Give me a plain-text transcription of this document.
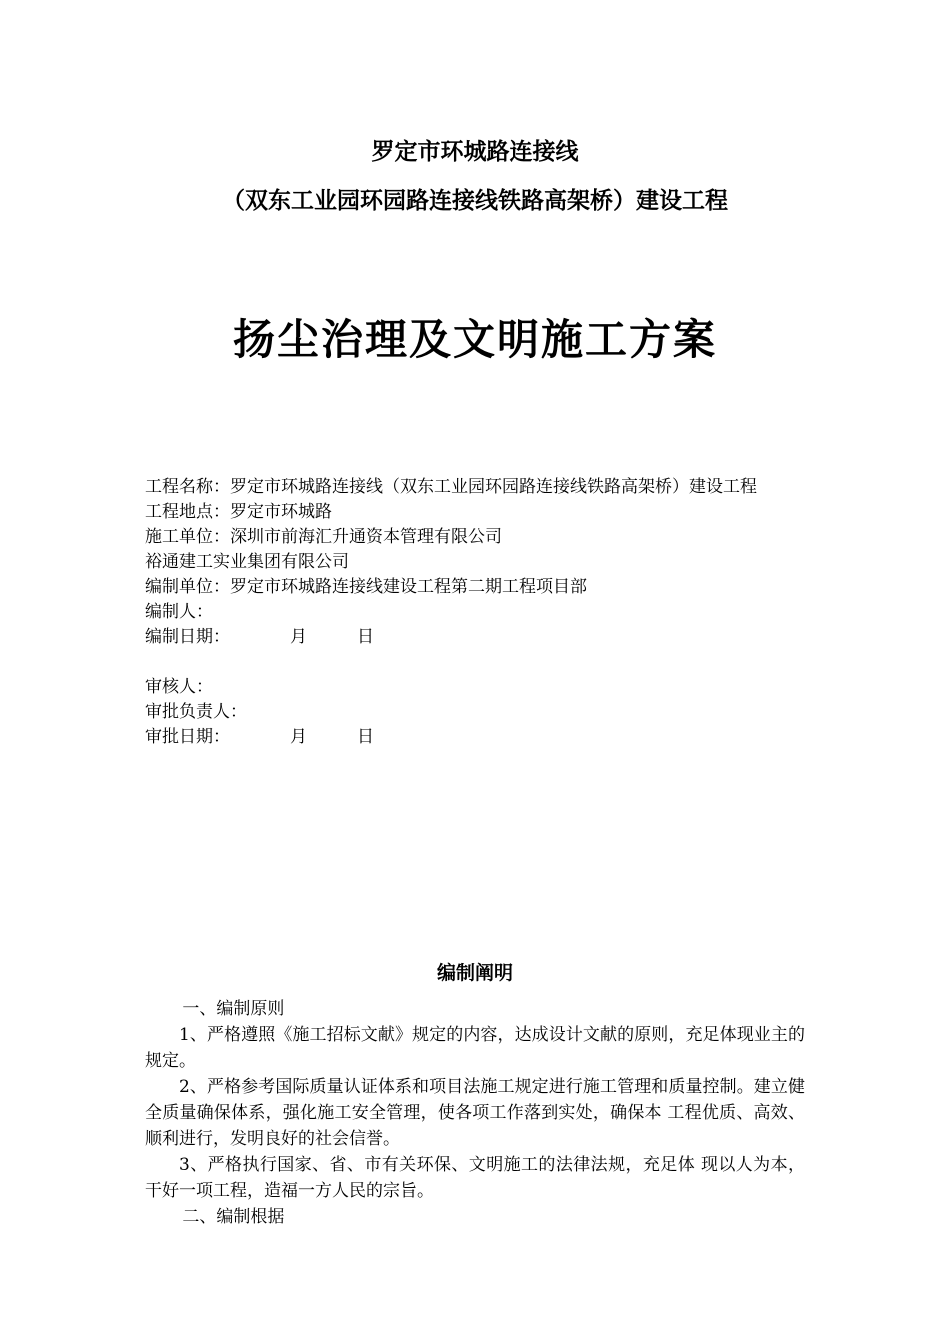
罗定市环城路连接线
（双东工业园环园路连接线铁路高架桥）建设工程
扬尘治理及文明施工方案
工程名称：罗定市环城路连接线（双东工业园环园路连接线铁路高架桥）建设工程
工程地点：罗定市环城路
施工单位：深圳市前海汇升通资本管理有限公司
裕通建工实业集团有限公司
编制单位：罗定市环城路连接线建设工程第二期工程项目部
编制人：
编制日期：	月	日
审核人：
审批负责人：
审批日期：	月	日
编制阐明

一、编制原则

1、严格遵照《施工招标文献》规定的内容，达成设计文献的原则，充足体现业主的规定。

2、严格参考国际质量认证体系和项目法施工规定进行施工管理和质量控制。建立健全质量确保体系，强化施工安全管理，使各项工作落到实处，确保本 工程优质、高效、顺利进行，发明良好的社会信誉。

3、严格执行国家、省、市有关环保、文明施工的法律法规，充足体 现以人为本，干好一项工程，造福一方人民的宗旨。

二、编制根据
